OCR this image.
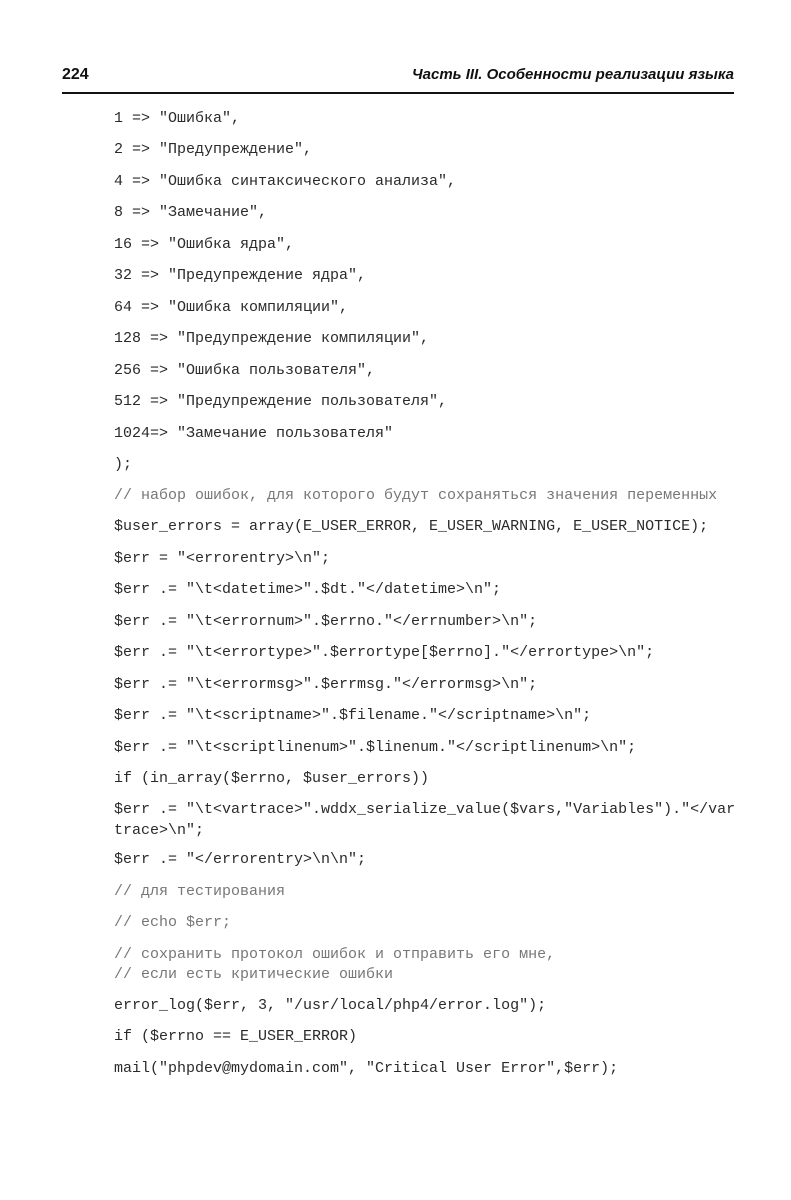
224	Часть III. Особенности реализации языка
1 => "Ошибка",
2 => "Предупреждение",
4 => "Ошибка синтаксического анализа",
8 => "Замечание",
16 => "Ошибка ядра",
32 => "Предупреждение ядра",
64 => "Ошибка компиляции",
128 => "Предупреждение компиляции",
256 => "Ошибка пользователя",
512 => "Предупреждение пользователя",
1024=> "Замечание пользователя"
);
// набор ошибок, для которого будут сохраняться значения переменных
$user_errors = array(E_USER_ERROR, E_USER_WARNING, E_USER_NOTICE);
$err = "<errorentry>\n";
$err .= "\t<datetime>".$dt."</datetime>\n";
$err .= "\t<errornum>".$errno."</errnumber>\n";
$err .= "\t<errortype>".$errortype[$errno]."</errortype>\n";
$err .= "\t<errormsg>".$errmsg."</errormsg>\n";
$err .= "\t<scriptname>".$filename."</scriptname>\n";
$err .= "\t<scriptlinenum>".$linenum."</scriptlinenum>\n";
if (in_array($errno, $user_errors))
$err .= "\t<vartrace>".wddx_serialize_value($vars,"Variables")."</vartrace>\n";
$err .= "</errorentry>\n\n";
// для тестирования
// echo $err;
// сохранить протокол ошибок и отправить его мне,
// если есть критические ошибки
error_log($err, 3, "/usr/local/php4/error.log");
if ($errno == E_USER_ERROR)
mail("phpdev@mydomain.com", "Critical User Error",$err);
